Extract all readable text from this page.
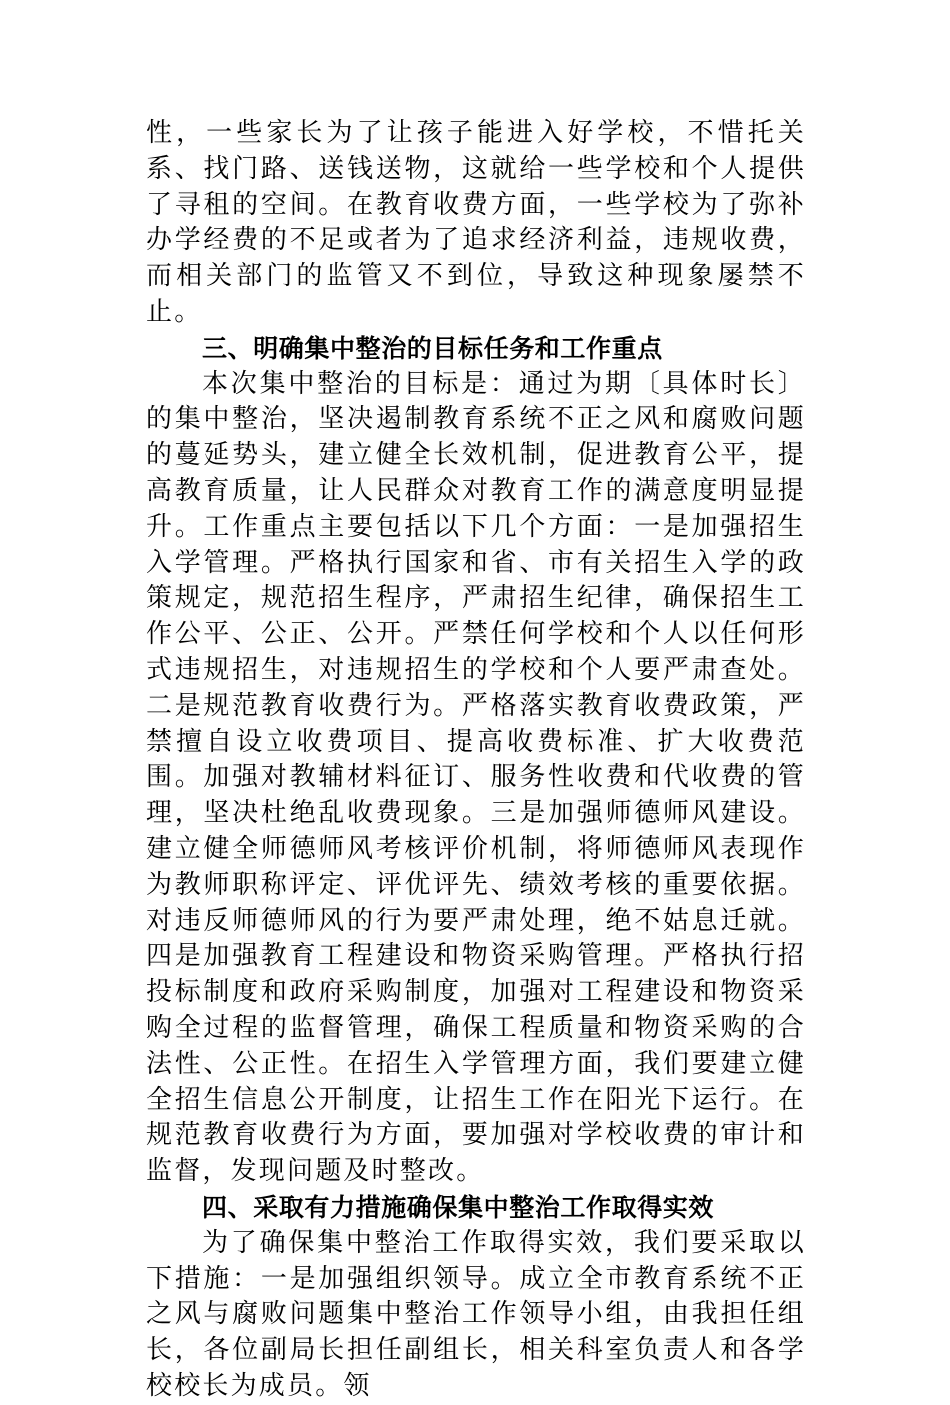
性，一些家长为了让孩子能进入好学校，不惜托关系、找门路、送钱送物，这就给一些学校和个人提供了寻租的空间。在教育收费方面，一些学校为了弥补办学经费的不足或者为了追求经济利益，违规收费，而相关部门的监管又不到位，导致这种现象屡禁不止。

三、明确集中整治的目标任务和工作重点

本次集中整治的目标是：通过为期〔具体时长〕的集中整治，坚决遏制教育系统不正之风和腐败问题的蔓延势头，建立健全长效机制，促进教育公平，提高教育质量，让人民群众对教育工作的满意度明显提升。工作重点主要包括以下几个方面：一是加强招生入学管理。严格执行国家和省、市有关招生入学的政策规定，规范招生程序，严肃招生纪律，确保招生工作公平、公正、公开。严禁任何学校和个人以任何形式违规招生，对违规招生的学校和个人要严肃查处。二是规范教育收费行为。严格落实教育收费政策，严禁擅自设立收费项目、提高收费标准、扩大收费范围。加强对教辅材料征订、服务性收费和代收费的管理，坚决杜绝乱收费现象。三是加强师德师风建设。建立健全师德师风考核评价机制，将师德师风表现作为教师职称评定、评优评先、绩效考核的重要依据。对违反师德师风的行为要严肃处理，绝不姑息迁就。四是加强教育工程建设和物资采购管理。严格执行招投标制度和政府采购制度，加强对工程建设和物资采购全过程的监督管理，确保工程质量和物资采购的合法性、公正性。在招生入学管理方面，我们要建立健全招生信息公开制度，让招生工作在阳光下运行。在规范教育收费行为方面，要加强对学校收费的审计和监督，发现问题及时整改。

四、采取有力措施确保集中整治工作取得实效

为了确保集中整治工作取得实效，我们要采取以下措施：一是加强组织领导。成立全市教育系统不正之风与腐败问题集中整治工作领导小组，由我担任组长，各位副局长担任副组长，相关科室负责人和各学校校长为成员。领
